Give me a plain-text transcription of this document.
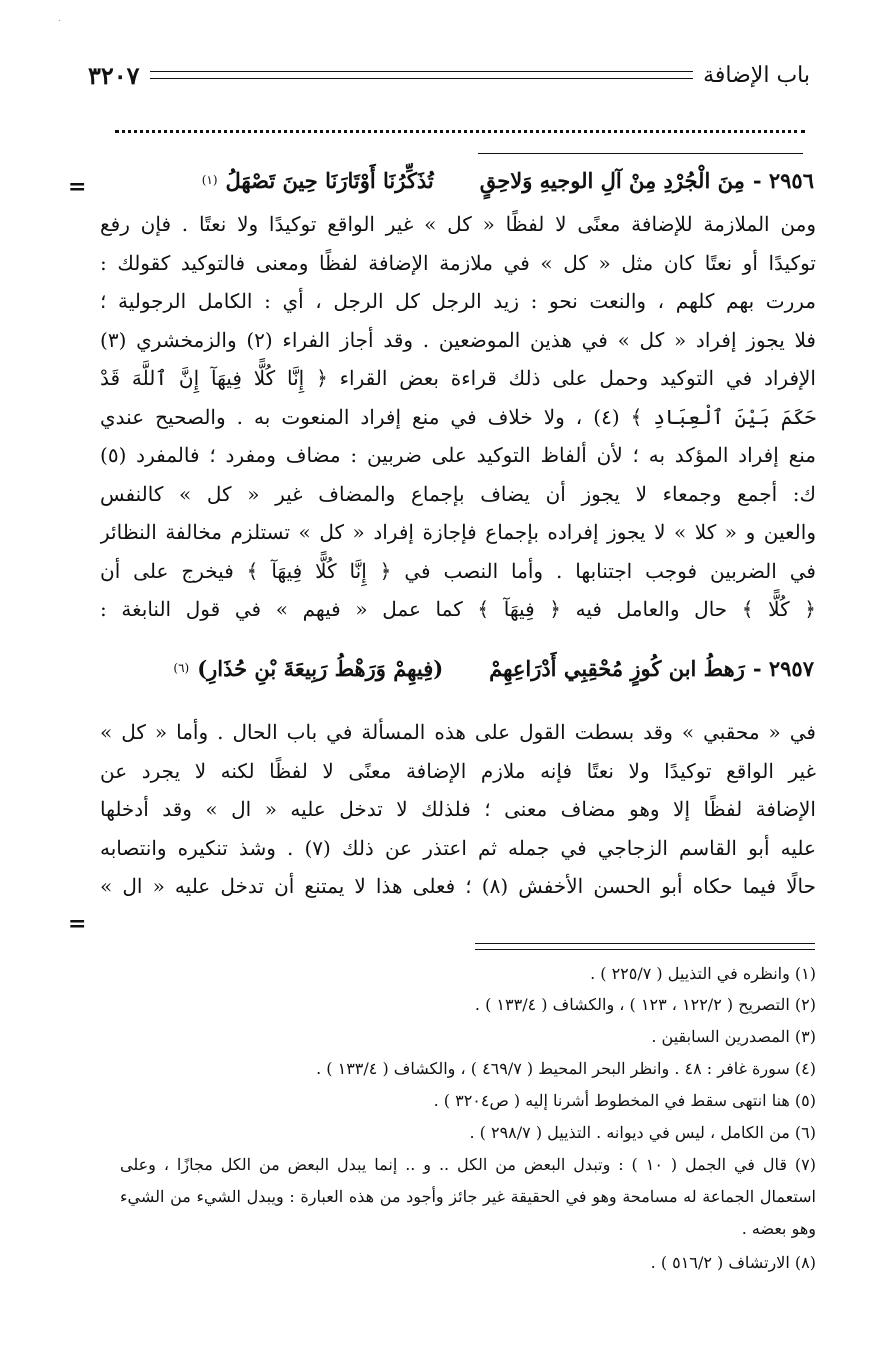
.
باب الإضافة
٣٢٠٧
٢٩٥٦ -
مِنَ الْجُرْدِ مِنْ آلِ الوجيهِ وَلاحِقٍ
تُذَكِّرُنَا أَوْتَارَنَا حِينَ تَصْهَلُ
(١)
=
ومن الملازمة للإضافة معنًى لا لفظًا « كل » غير الواقع توكيدًا ولا نعتًا . فإن رفع
توكيدًا أو نعتًا كان مثل « كل » في ملازمة الإضافة لفظًا ومعنى فالتوكيد كقولك :
مررت بهم كلهم ، والنعت نحو : زيد الرجل كل الرجل ، أي : الكامل الرجولية ؛
فلا يجوز إفراد « كل » في هذين الموضعين . وقد أجاز الفراء (٢) والزمخشري (٣)
الإفراد في التوكيد وحمل على ذلك قراءة بعض القراء ﴿ إِنَّا كُلًّا فِيهَآ إِنَّ ٱللَّهَ قَدْ
حَكَمَ بَيْنَ ٱلْعِبَادِ ﴾ (٤) ، ولا خلاف في منع إفراد المنعوت به . والصحيح عندي
منع إفراد المؤكد به ؛ لأن ألفاظ التوكيد على ضربين : مضاف ومفرد ؛ فالمفرد (٥)
ك: أجمع وجمعاء لا يجوز أن يضاف بإجماع والمضاف غير « كل » كالنفس
والعين و « كلا » لا يجوز إفراده بإجماع فإجازة إفراد « كل » تستلزم مخالفة النظائر
في الضربين فوجب اجتنابها . وأما النصب في ﴿ إِنَّا كُلًّا فِيهَآ ﴾ فيخرج على أن
﴿ كُلًّا ﴾ حال والعامل فيه ﴿ فِيهَآ ﴾ كما عمل « فيهم » في قول النابغة :
٢٩٥٧ -
رَهطُ ابن كُوزٍ مُحْقِبِي أَدْرَاعِهِمْ
(فِيهِمْ وَرَهْطُ رَبِيعَةَ بْنِ حُذَارِ)
(٦)
في « محقبي » وقد بسطت القول على هذه المسألة في باب الحال . وأما « كل »
غير الواقع توكيدًا ولا نعتًا فإنه ملازم الإضافة معنًى لا لفظًا لكنه لا يجرد عن
الإضافة لفظًا إلا وهو مضاف معنى ؛ فلذلك لا تدخل عليه « ال » وقد أدخلها
عليه أبو القاسم الزجاجي في جمله ثم اعتذر عن ذلك (٧) . وشذ تنكيره وانتصابه
حالًا فيما حكاه أبو الحسن الأخفش (٨) ؛ فعلى هذا لا يمتنع أن تدخل عليه « ال »
=
(١) وانظره في التذييل ( ٢٢٥/٧ ) .
(٢) التصريح ( ١٢٢/٢ ، ١٢٣ ) ، والكشاف ( ١٣٣/٤ ) .
(٣) المصدرين السابقين .
(٤) سورة غافر : ٤٨ . وانظر البحر المحيط ( ٤٦٩/٧ ) ، والكشاف ( ١٣٣/٤ ) .
(٥) هنا انتهى سقط في المخطوط أشرنا إليه ( ص٣٢٠٤ ) .
(٦) من الكامل ، ليس في ديوانه . التذييل ( ٢٩٨/٧ ) .
(٧) قال في الجمل ( ١٠ ) : وتبدل البعض من الكل .. و .. إنما يبدل البعض من الكل مجازًا ، وعلى
استعمال الجماعة له مسامحة وهو في الحقيقة غير جائز وأجود من هذه العبارة : ويبدل الشيء من الشيء
وهو بعضه .
(٨) الارتشاف ( ٥١٦/٢ ) .
